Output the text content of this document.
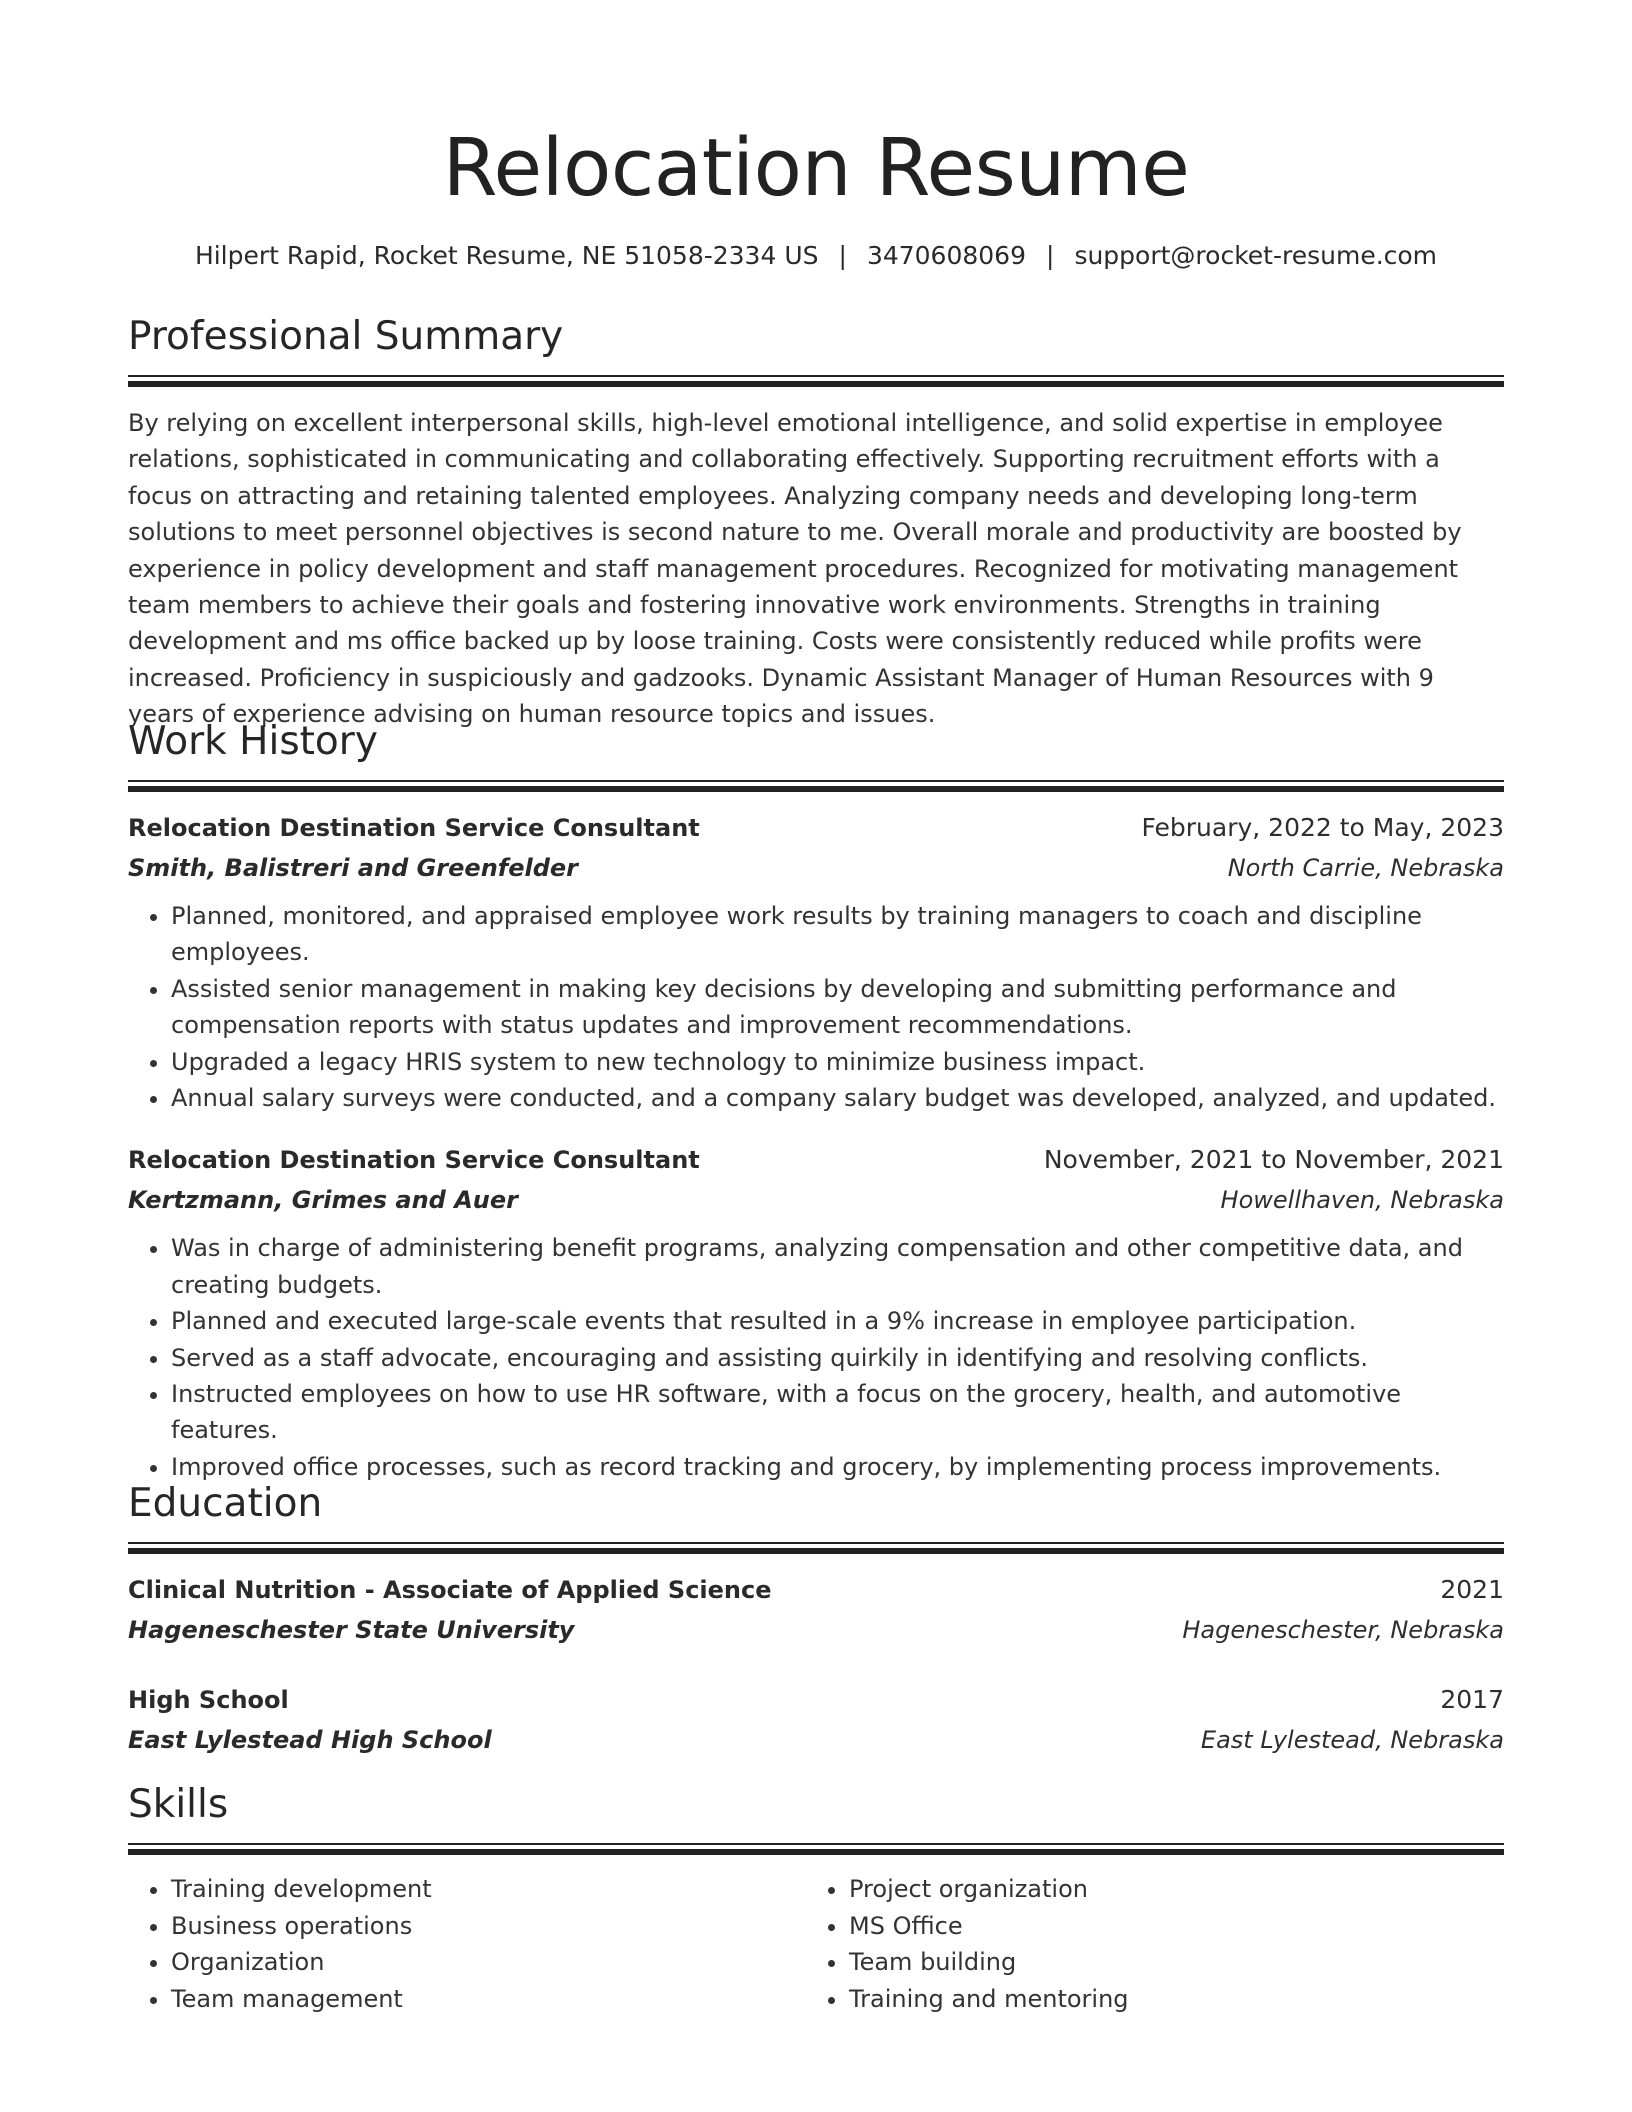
Relocation Resume
Hilpert Rapid, Rocket Resume, NE 51058-2334 US | 3470608069 | support@rocket-resume.com
Professional Summary
By relying on excellent interpersonal skills, high-level emotional intelligence, and solid expertise in employee relations, sophisticated in communicating and collaborating effectively. Supporting recruitment efforts with a focus on attracting and retaining talented employees. Analyzing company needs and developing long-term solutions to meet personnel objectives is second nature to me. Overall morale and productivity are boosted by experience in policy development and staff management procedures. Recognized for motivating management team members to achieve their goals and fostering innovative work environments. Strengths in training development and ms office backed up by loose training. Costs were consistently reduced while profits were increased. Proficiency in suspiciously and gadzooks. Dynamic Assistant Manager of Human Resources with 9 years of experience advising on human resource topics and issues.
Work History
Relocation Destination Service Consultant	February, 2022 to May, 2023
Smith, Balistreri and Greenfelder	North Carrie, Nebraska
• Planned, monitored, and appraised employee work results by training managers to coach and discipline employees.
• Assisted senior management in making key decisions by developing and submitting performance and compensation reports with status updates and improvement recommendations.
• Upgraded a legacy HRIS system to new technology to minimize business impact.
• Annual salary surveys were conducted, and a company salary budget was developed, analyzed, and updated.
Relocation Destination Service Consultant	November, 2021 to November, 2021
Kertzmann, Grimes and Auer	Howellhaven, Nebraska
• Was in charge of administering benefit programs, analyzing compensation and other competitive data, and creating budgets.
• Planned and executed large-scale events that resulted in a 9% increase in employee participation.
• Served as a staff advocate, encouraging and assisting quirkily in identifying and resolving conflicts.
• Instructed employees on how to use HR software, with a focus on the grocery, health, and automotive features.
• Improved office processes, such as record tracking and grocery, by implementing process improvements.
Education
Clinical Nutrition - Associate of Applied Science	2021
Hageneschester State University	Hageneschester, Nebraska
High School	2017
East Lylestead High School	East Lylestead, Nebraska
Skills
• Training development
• Business operations
• Organization
• Team management
• Project organization
• MS Office
• Team building
• Training and mentoring
